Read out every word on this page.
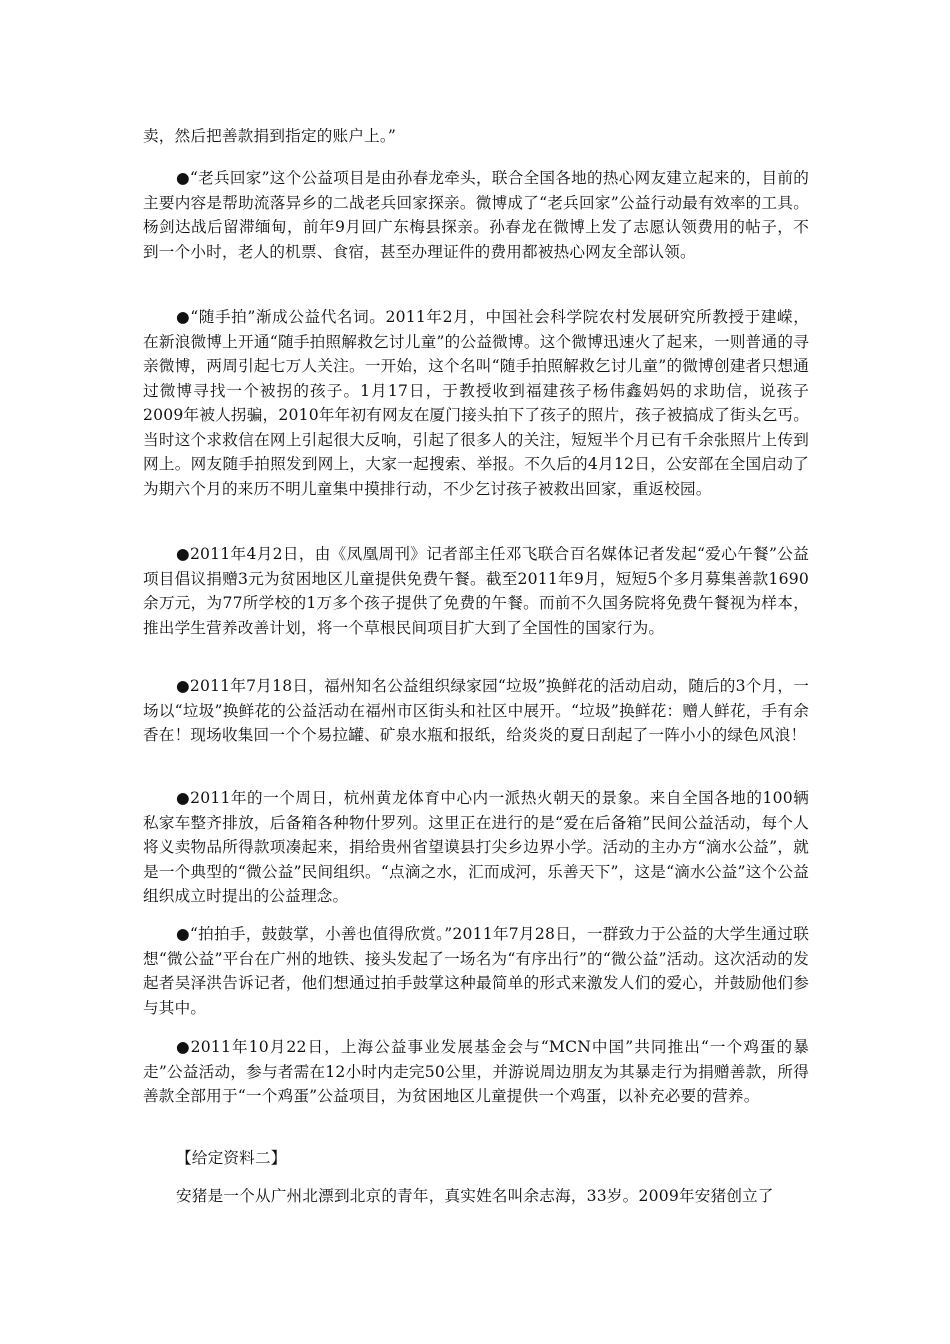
卖，然后把善款捐到指定的账户上。”

●“老兵回家”这个公益项目是由孙春龙牵头，联合全国各地的热心网友建立起来的，目前的主要内容是帮助流落异乡的二战老兵回家探亲。微博成了“老兵回家”公益行动最有效率的工具。杨剑达战后留滞缅甸，前年9月回广东梅县探亲。孙春龙在微博上发了志愿认领费用的帖子，不到一个小时，老人的机票、食宿，甚至办理证件的费用都被热心网友全部认领。

●“随手拍”渐成公益代名词。2011年2月，中国社会科学院农村发展研究所教授于建嵘，在新浪微博上开通“随手拍照解救乞讨儿童”的公益微博。这个微博迅速火了起来，一则普通的寻亲微博，两周引起七万人关注。一开始，这个名叫“随手拍照解救乞讨儿童”的微博创建者只想通过微博寻找一个被拐的孩子。1月17日，于教授收到福建孩子杨伟鑫妈妈的求助信，说孩子2009年被人拐骗，2010年年初有网友在厦门接头拍下了孩子的照片，孩子被搞成了街头乞丐。当时这个求救信在网上引起很大反响，引起了很多人的关注，短短半个月已有千余张照片上传到网上。网友随手拍照发到网上，大家一起搜索、举报。不久后的4月12日，公安部在全国启动了为期六个月的来历不明儿童集中摸排行动，不少乞讨孩子被救出回家，重返校园。

●2011年4月2日，由《凤凰周刊》记者部主任邓飞联合百名媒体记者发起“爱心午餐”公益项目倡议捐赠3元为贫困地区儿童提供免费午餐。截至2011年9月，短短5个多月募集善款1690余万元，为77所学校的1万多个孩子提供了免费的午餐。而前不久国务院将免费午餐视为样本，推出学生营养改善计划，将一个草根民间项目扩大到了全国性的国家行为。

●2011年7月18日，福州知名公益组织绿家园“垃圾”换鲜花的活动启动，随后的3个月，一场以“垃圾”换鲜花的公益活动在福州市区街头和社区中展开。“垃圾”换鲜花：赠人鲜花，手有余香在！现场收集回一个个易拉罐、矿泉水瓶和报纸，给炎炎的夏日刮起了一阵小小的绿色风浪！

●2011年的一个周日，杭州黄龙体育中心内一派热火朝天的景象。来自全国各地的100辆私家车整齐排放，后备箱各种物什罗列。这里正在进行的是“爱在后备箱”民间公益活动，每个人将义卖物品所得款项凑起来，捐给贵州省望谟县打尖乡边界小学。活动的主办方“滴水公益”，就是一个典型的“微公益”民间组织。“点滴之水，汇而成河，乐善天下”，这是“滴水公益”这个公益组织成立时提出的公益理念。

●“拍拍手，鼓鼓掌，小善也值得欣赏。”2011年7月28日，一群致力于公益的大学生通过联想“微公益”平台在广州的地铁、接头发起了一场名为“有序出行”的“微公益”活动。这次活动的发起者吴泽洪告诉记者，他们想通过拍手鼓掌这种最简单的形式来激发人们的爱心，并鼓励他们参与其中。

●2011年10月22日，上海公益事业发展基金会与“MCN中国”共同推出“一个鸡蛋的暴走”公益活动，参与者需在12小时内走完50公里，并游说周边朋友为其暴走行为捐赠善款，所得善款全部用于“一个鸡蛋”公益项目，为贫困地区儿童提供一个鸡蛋，以补充必要的营养。

【给定资料二】

安猪是一个从广州北漂到北京的青年，真实姓名叫余志海，33岁。2009年安猪创立了
